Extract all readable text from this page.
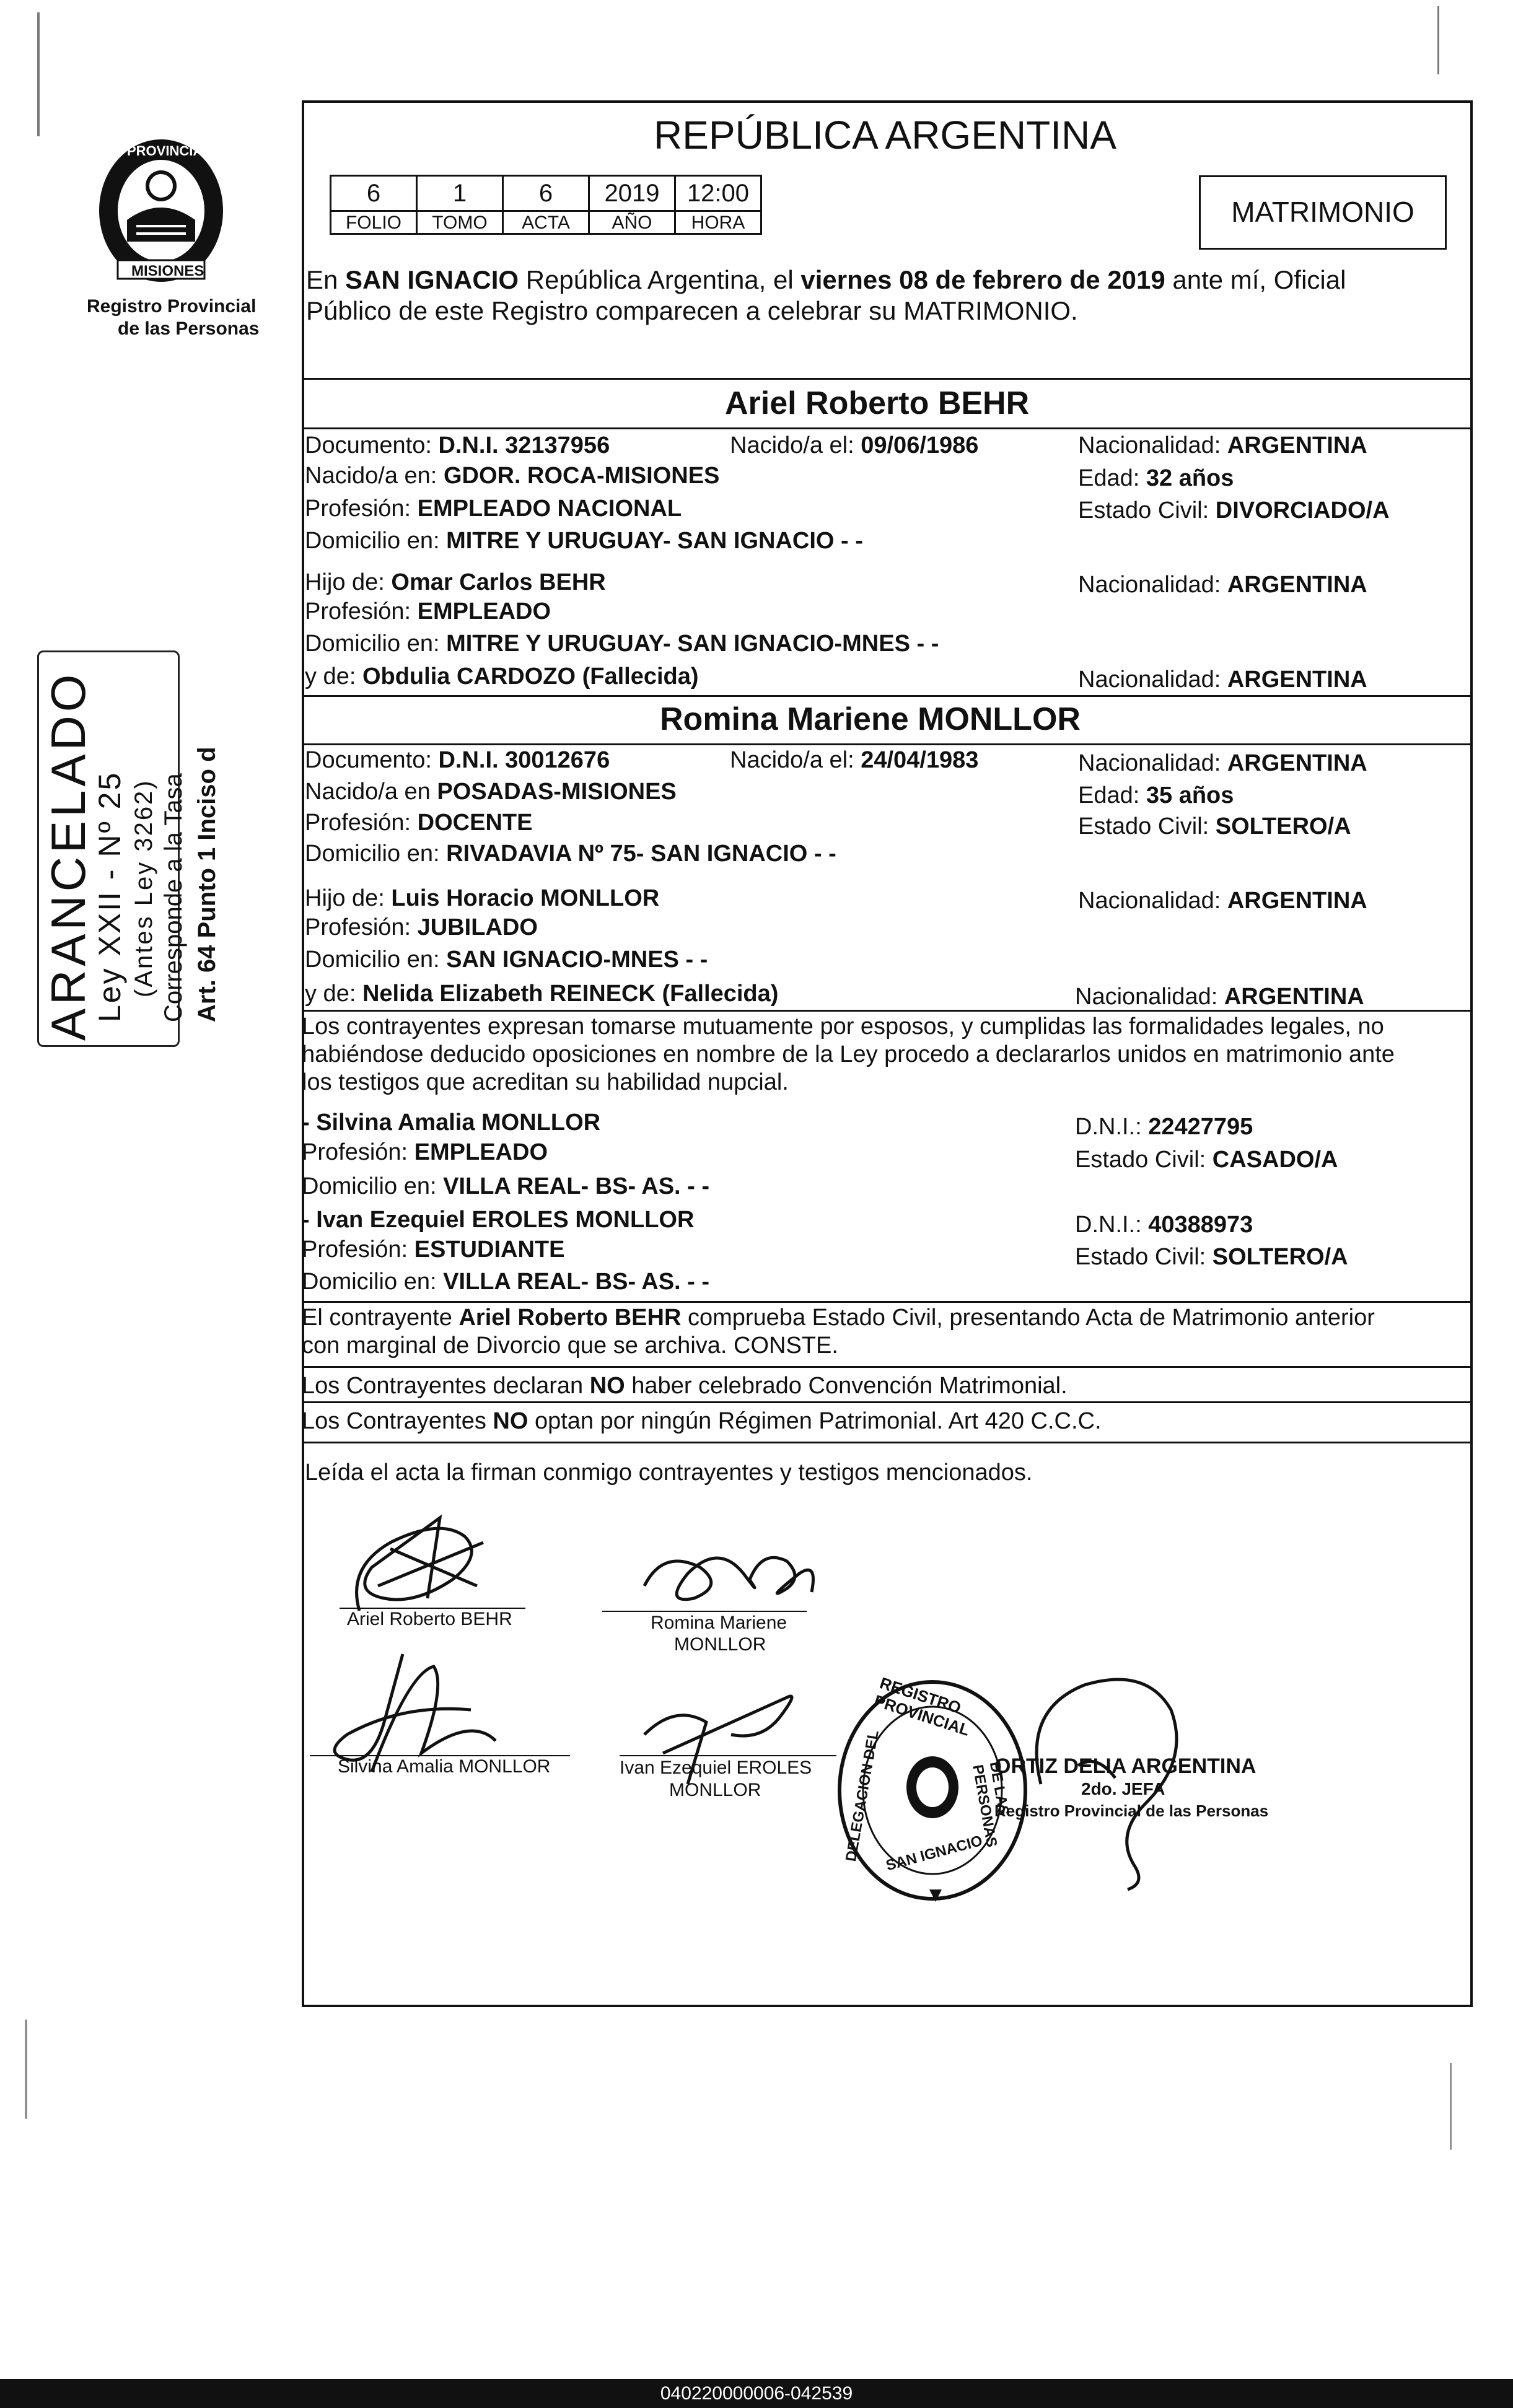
PROVINCIA DE
MISIONES
Registro Provincial
de las Personas
ARANCELADO
Ley XXII - Nº 25 (Antes Ley 3262) Corresponde a la Tasa Art. 64 Punto 1 Inciso d
REPÚBLICA ARGENTINA
6	1	6	2019	12:00
FOLIO	TOMO	ACTA	AÑO	HORA	MATRIMONIO
En SAN IGNACIO República Argentina, el viernes 08 de febrero de 2019 ante mí, Oficial
Público de este Registro comparecen a celebrar su MATRIMONIO.
Ariel Roberto BEHR
Documento: D.N.I. 32137956	Nacido/a el: 09/06/1986	Nacionalidad: ARGENTINA
Nacido/a en: GDOR. ROCA-MISIONES	Edad: 32 años
Profesión: EMPLEADO NACIONAL	Estado Civil: DIVORCIADO/A
Domicilio en: MITRE Y URUGUAY- SAN IGNACIO - -
Hijo de: Omar Carlos BEHR	Nacionalidad: ARGENTINA
Profesión: EMPLEADO
Domicilio en: MITRE Y URUGUAY- SAN IGNACIO-MNES - -
y de: Obdulia CARDOZO (Fallecida)	Nacionalidad: ARGENTINA
Romina Mariene MONLLOR
Documento: D.N.I. 30012676	Nacido/a el: 24/04/1983	Nacionalidad: ARGENTINA
Nacido/a en POSADAS-MISIONES	Edad: 35 años
Profesión: DOCENTE	Estado Civil: SOLTERO/A
Domicilio en: RIVADAVIA Nº 75- SAN IGNACIO - -
Hijo de: Luis Horacio MONLLOR	Nacionalidad: ARGENTINA
Profesión: JUBILADO
Domicilio en: SAN IGNACIO-MNES - -
y de: Nelida Elizabeth REINECK (Fallecida)	Nacionalidad: ARGENTINA
Los contrayentes expresan tomarse mutuamente por esposos, y cumplidas las formalidades legales, no
habiéndose deducido oposiciones en nombre de la Ley procedo a declararlos unidos en matrimonio ante
los testigos que acreditan su habilidad nupcial.
- Silvina Amalia MONLLOR	D.N.I.: 22427795
Profesión: EMPLEADO	Estado Civil: CASADO/A
Domicilio en: VILLA REAL- BS- AS. - -
- Ivan Ezequiel EROLES MONLLOR	D.N.I.: 40388973
Profesión: ESTUDIANTE	Estado Civil: SOLTERO/A
Domicilio en: VILLA REAL- BS- AS. - -
El contrayente Ariel Roberto BEHR comprueba Estado Civil, presentando Acta de Matrimonio anterior
con marginal de Divorcio que se archiva. CONSTE.
Los Contrayentes declaran NO haber celebrado Convención Matrimonial.
Los Contrayentes NO optan por ningún Régimen Patrimonial. Art 420 C.C.C.
Leída el acta la firman conmigo contrayentes y testigos mencionados.
Ariel Roberto BEHR	Romina Mariene
MONLLOR
Silvina Amalia MONLLOR	Ivan Ezequiel EROLES
MONLLOR
REGISTRO PROVINCIAL
DELEGACION DEL	DE LAS PERSONAS
SAN IGNACIO
ORTIZ DELIA ARGENTINA
2do. JEFA
Registro Provincial de las Personas
040220000006-042539
